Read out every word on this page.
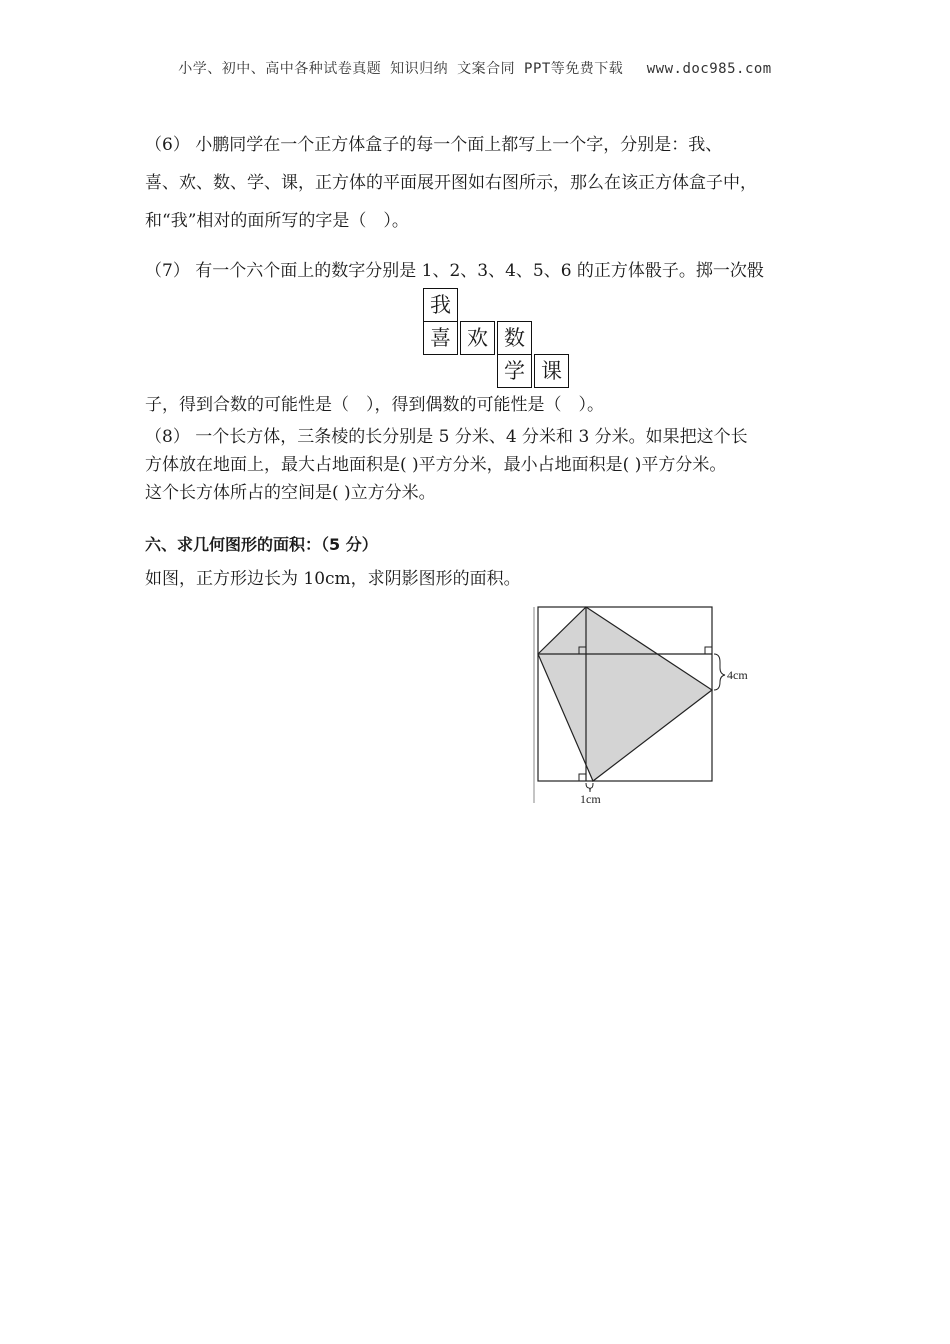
小学、初中、高中各种试卷真题 知识归纳 文案合同 PPT等免费下载　 www.doc985.com
（6） 小鹏同学在一个正方体盒子的每一个面上都写上一个字，分别是：我、
喜、欢、数、学、课，正方体的平面展开图如右图所示，那么在该正方体盒子中，
和“我”相对的面所写的字是（　）。
（7） 有一个六个面上的数字分别是 1、2、3、4、5、6 的正方体骰子。掷一次骰
我
喜 欢 数
学 课
子，得到合数的可能性是（　），得到偶数的可能性是（　）。
（8） 一个长方体，三条棱的长分别是 5 分米、4 分米和 3 分米。如果把这个长
方体放在地面上，最大占地面积是( )平方分米，最小占地面积是( )平方分米。
这个长方体所占的空间是( )立方分米。
六、求几何图形的面积：（5 分）
如图，正方形边长为 10cm，求阴影图形的面积。
4cm
1cm
